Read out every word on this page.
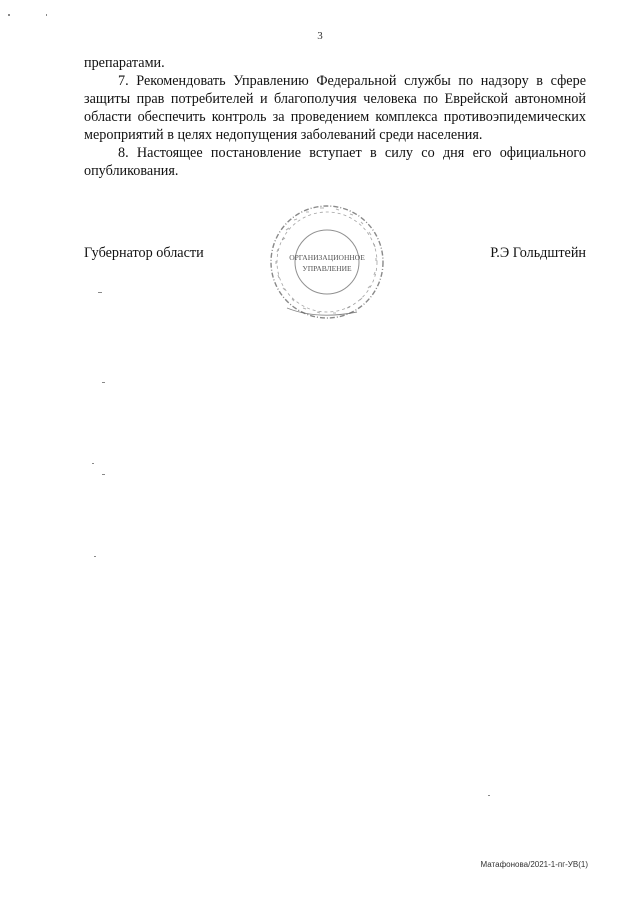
3

препаратами.

7. Рекомендовать Управлению Федеральной службы по надзору в сфере защиты прав потребителей и благополучия человека по Еврейской автономной области обеспечить контроль за проведением комплекса противоэпидемических мероприятий в целях недопущения заболеваний среди населения.

8. Настоящее постановление вступает в силу со дня его официального опубликования.

Губернатор области	Р.Э Гольдштейн
ОРГАНИЗАЦИОННОЕ
УПРАВЛЕНИЕ
Матафонова/2021-1-пг-УВ(1)
